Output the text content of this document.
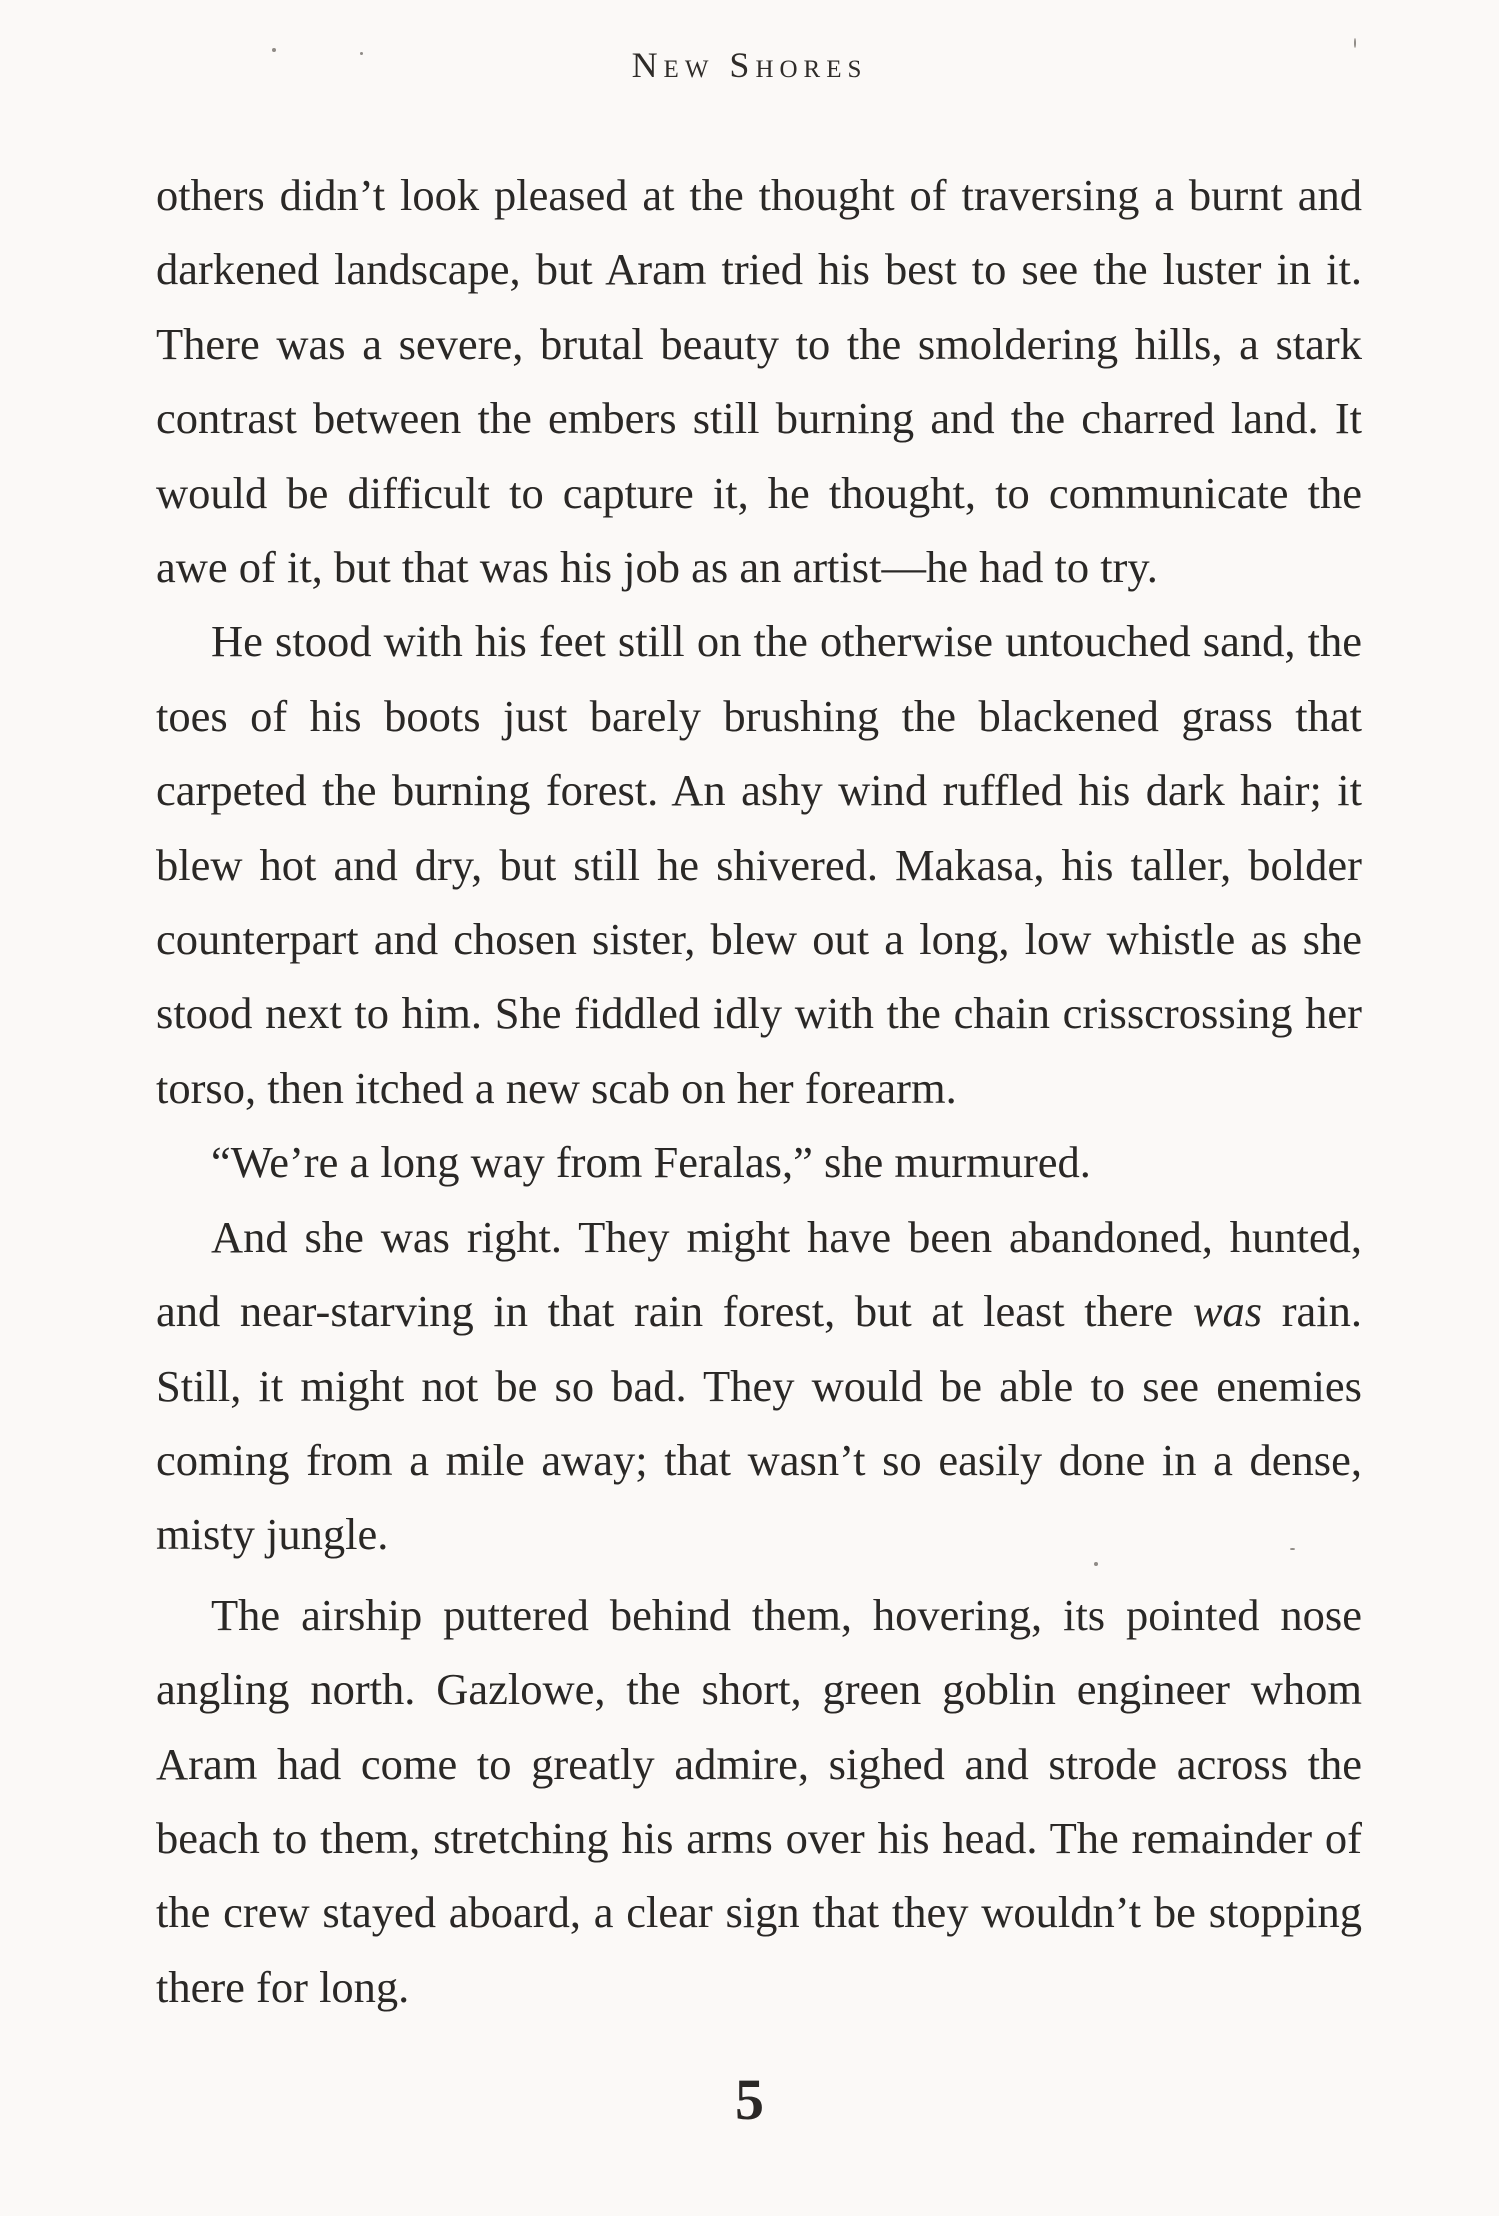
New Shores

others didn’t look pleased at the thought of traversing a burnt and darkened landscape, but Aram tried his best to see the luster in it. There was a severe, brutal beauty to the smoldering hills, a stark contrast between the embers still burning and the charred land. It would be difficult to capture it, he thought, to communicate the awe of it, but that was his job as an artist—he had to try.

He stood with his feet still on the otherwise untouched sand, the toes of his boots just barely brushing the blackened grass that carpeted the burning forest. An ashy wind ruffled his dark hair; it blew hot and dry, but still he shivered. Makasa, his taller, bolder counterpart and chosen sister, blew out a long, low whistle as she stood next to him. She fiddled idly with the chain crisscrossing her torso, then itched a new scab on her forearm.

“We’re a long way from Feralas,” she murmured.

And she was right. They might have been abandoned, hunted, and near-starving in that rain forest, but at least there was rain. Still, it might not be so bad. They would be able to see enemies coming from a mile away; that wasn’t so easily done in a dense, misty jungle.

The airship puttered behind them, hovering, its pointed nose angling north. Gazlowe, the short, green goblin engineer whom Aram had come to greatly admire, sighed and strode across the beach to them, stretching his arms over his head. The remainder of the crew stayed aboard, a clear sign that they wouldn’t be stopping there for long.

5
